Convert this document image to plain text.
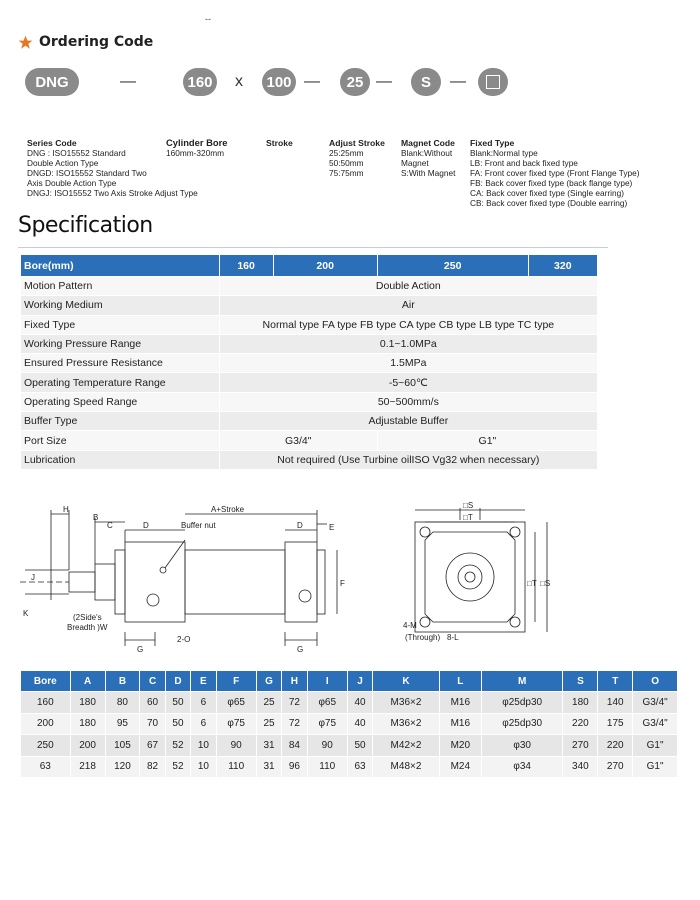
--
Ordering Code
DNG	—	160 x 100 —	25 —	S	—
Series Code
DNG : ISO15552 Standard
Double Action Type
DNGD: ISO15552 Standard Two
Axis Double Action Type
DNGJ: ISO15552 Two Axis Stroke Adjust Type
Cylinder Bore
160mm-320mm
Stroke	Adjust Stroke
25:25mm
50:50mm
75:75mm
Magnet Code
Blank:Without
Magnet
S:With Magnet
Fixed Type
Blank:Normal type
LB: Front and back fixed type
FA: Front cover fixed type (Front Flange Type)
FB: Back cover fixed type (back flange type)
CA: Back cover fixed type (Single earring)
CB: Back cover fixed type (Double earring)
Specification
Bore(mm)	160	200	250	320
Motion Pattern	Double Action			
Working Medium	Air			
Fixed Type	Normal type FA type FB type CA type CB type LB type TC type			
Working Pressure Range	0.1~1.0MPa			
Ensured Pressure Resistance	1.5MPa			
Operating Temperature Range	-5~60℃			
Operating Speed Range	50~500mm/s			
Buffer Type	Adjustable Buffer			
Port Size	G3/4"		G1"	
Lubrication	Not required (Use Turbine oilISO Vg32 when necessary)			
H
B
C	D
A+Stroke
Buffer nut	D	E
J
F
K	(2Side's
Breadth )W
G
2-O
G
□S
□T
□T □S
4-M
(Through) 8-L
Bore	A	B	C	D	E	F	G	H	I	J	K	L	M	S	T	O
160	180	80	60	50	6	φ65	25	72	φ65	40	M36×2	M16	φ25dp30	180	140	G3/4"
200	180	95	70	50	6	φ75	25	72	φ75	40	M36×2	M16	φ25dp30	220	175	G3/4"
250	200	105	67	52	10	90	31	84	90	50	M42×2	M20	φ30	270	220	G1"
63	218	120	82	52	10	110	31	96	110	63	M48×2	M24	φ34	340	270	G1"
